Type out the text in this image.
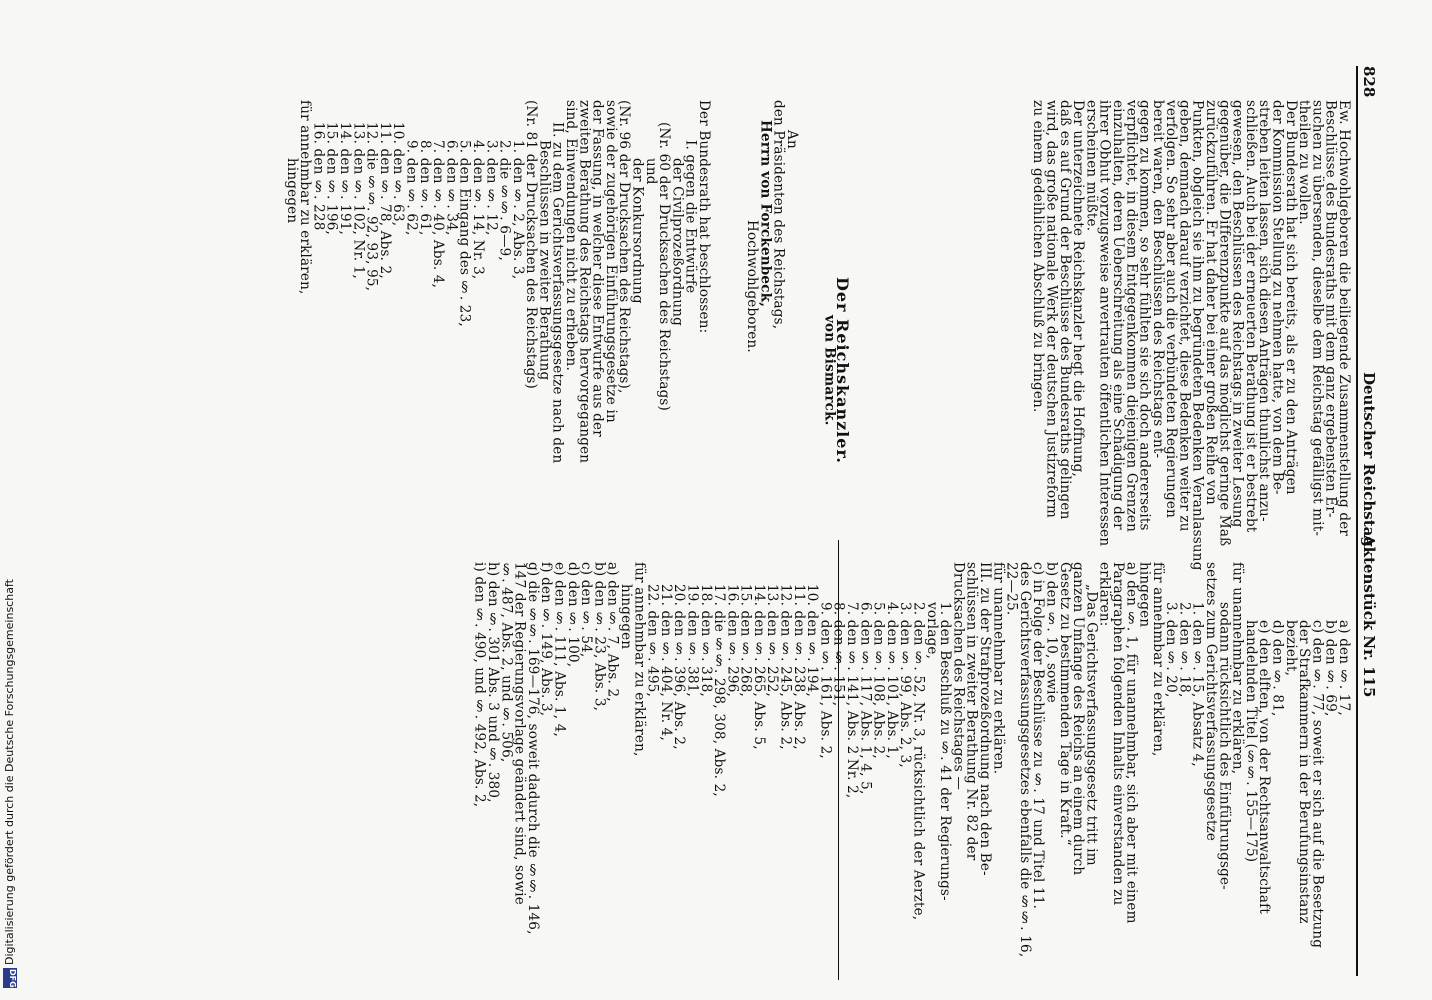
828
Deutscher Reichstag.
Aktenstück Nr. 115
Ew. Hochwohlgeboren die beiliegende Zusammenstellung der
Beschlüsse des Bundesraths mit dem ganz ergebensten Er-
suchen zu übersenden, dieselbe dem Reichstag gefälligst mit-
theilen zu wollen.
Der Bundesrath hat sich bereits, als er zu den Anträgen
der Kommission Stellung zu nehmen hatte, von dem Be-
streben leiten lassen, sich diesen Anträgen thunlichst anzu-
schließen. Auch bei der erneuerten Berathung ist er bestrebt
gewesen, den Beschlüssen des Reichstags in zweiter Lesung
gegenüber, die Differenzpunkte auf das möglichst geringe Maß
zurückzuführen. Er hat daher bei einer großen Reihe von
Punkten, obgleich sie ihm zu begründeten Bedenken Veranlassung
geben, demnach darauf verzichtet, diese Bedenken weiter zu
verfolgen. So sehr aber auch die verbündeten Regierungen
bereit waren, den Beschlüssen des Reichstags ent-
gegen zu kommen, so sehr fühlten sie sich doch andererseits
verpflichtet, in diesem Entgegenkommen diejenigen Grenzen
einzuhalten, deren Ueberschreitung als eine Schädigung der
ihrer Obhut vorzugsweise anvertrauten öffentlichen Interessen
erscheinen müßte.
Der unterzeichnete Reichskanzler hegt die Hoffnung,
daß es auf Grund der Beschlüsse des Bundesraths gelingen
wird, das große nationale Werk der deutschen Justizreform
zu einem gedeihlichen Abschluß zu bringen.
Der Reichskanzler.
von Bismarck.
An
den Präsidenten des Reichstags,
Herrn von Forckenbeck,
Hochwohlgeboren.
Der Bundesrath hat beschlossen:
I. gegen die Entwürfe
der Civilprozeßordnung
(Nr. 60 der Drucksachen des Reichstags)
und
der Konkursordnung
(Nr. 96 der Drucksachen des Reichstags),
sowie der zugehörigen Einführungsgesetze in
der Fassung, in welcher diese Entwürfe aus der
zweiten Berathung des Reichstags hervorgegangen
sind, Einwendungen nicht zu erheben.
II. zu dem Gerichtsverfassungsgesetze nach den
Beschlüssen in zweiter Berathung
(Nr. 81 der Drucksachen des Reichstags)
1. den §. 2, Abs. 3,
2. die §§. 6—9,
3. den §. 12,
4. den §. 14, Nr. 3,
5. den Eingang des §. 23,
6. den §. 34,
7. den §. 40, Abs. 4,
8. den §. 61,
9. den §. 62,
10. den §. 63,
11. den §. 78, Abs. 2,
12. die §§. 92, 93, 95,
13. den §. 102, Nr. 1,
14. den §. 191,
15. den §. 196,
16. den §. 228
für annehmbar zu erklären,
hingegen
a) den §. 17,
b) den §. 69,
c) den §. 77, soweit er sich auf die Besetzung
der Strafkammern in der Berufungsinstanz
bezieht,
d) den §. 81,
e) den elften, von der Rechtsanwaltschaft
handelnden Titel (§§. 155—175)
für unannehmbar zu erklären,
sodann rücksichtlich des Einführungsge-
setzes zum Gerichtsverfassungsgesetze
1. den §. 15, Absatz 4,
2. den §. 18,
3. den §. 20,
für annehmbar zu erklären,
hingegen
a) den §. 1, für unannehmbar, sich aber mit einem
Paragraphen folgenden Inhalts einverstanden zu
erklären:
„Das Gerichtsverfassungsgesetz tritt im
ganzen Umfange des Reichs an einem durch
Gesetz zu bestimmenden Tage in Kraft.“
b) den §. 10, sowie
c) in Folge der Beschlüsse zu §. 17 und Titel 11.
des Gerichtsverfassungsgesetzes ebenfalls die §§. 16,
22—25.
für unannehmbar zu erklären.
III. zu der Strafprozeßordnung nach den Be-
schlüssen in zweiter Berathung Nr. 82 der
Drucksachen des Reichstages —
1. den Beschluß zu §. 41 der Regierungs-
vorlage,
2. den §. 52, Nr. 3, rücksichtlich der Aerzte,
3. den §. 99, Abs. 2, 3,
4. den §. 101, Abs. 1,
5. den §. 108, Abs. 2,
6. den §. 117, Abs. 1, 4, 5,
7. den §. 141, Abs. 2 Nr. 2,
8. den §. 151,
9. den §. 161, Abs. 2,
10. den §. 194,
11. den §. 238, Abs. 2,
12. den §. 245, Abs. 2,
13. den §. 252,
14. den §. 265, Abs. 5,
15. den §. 268,
16. den §. 296,
17. die §§. 298, 308, Abs. 2,
18. den §. 318,
19. den §. 381,
20. den §. 396, Abs. 2,
21. den §. 404, Nr. 4,
22. den §. 495,
für annehmbar zu erklären,
hingegen
a) den §. 7, Abs. 2,
b) den §. 23, Abs. 3,
c) den §. 54,
d) den §. 100,
e) den §. 111, Abs. 1, 4,
f) den §. 149, Abs. 3,
g) die §§. 169—176, soweit dadurch die §§. 146,
147 der Regierungsvorlage geändert sind, sowie
§. 487, Abs. 2, und §. 506,
h) den §. 301 Abs. 3 und §. 380,
i) den §. 490, und §. 492, Abs. 2,
Digitalisierung gefördert durch die Deutsche Forschungsgemeinschaft
DFG
